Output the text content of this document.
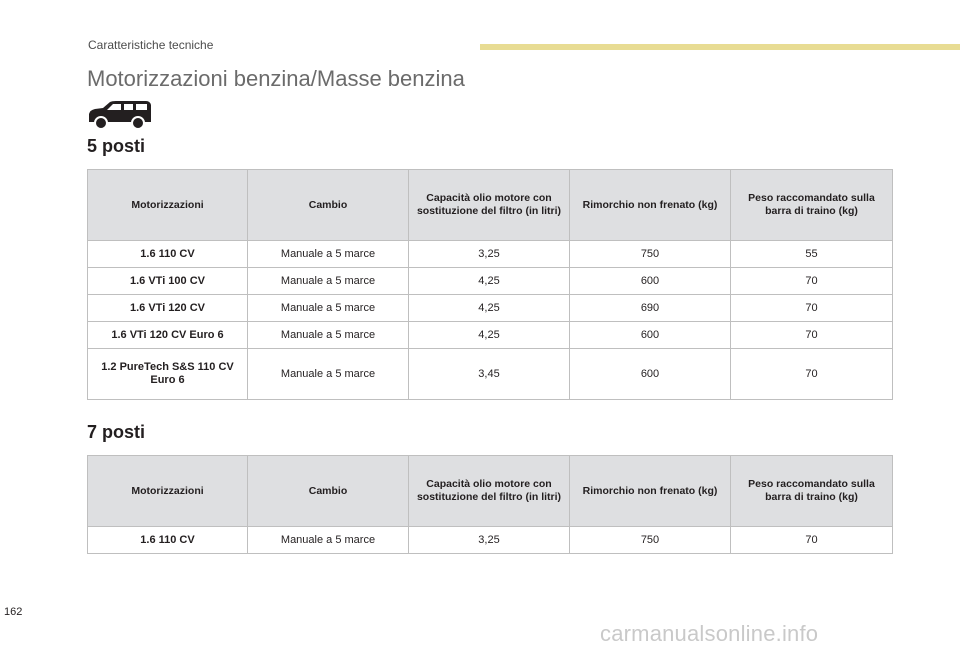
Caratteristiche tecniche
Motorizzazioni benzina/Masse benzina
5 posti
Motorizzazioni	Cambio	Capacità olio motore con sostituzione del filtro (in litri)	Rimorchio non frenato (kg)	Peso raccomandato sulla barra di traino (kg)
1.6 110 CV	Manuale a 5 marce	3,25	750	55
1.6 VTi 100 CV	Manuale a 5 marce	4,25	600	70
1.6 VTi 120 CV	Manuale a 5 marce	4,25	690	70
1.6 VTi 120 CV Euro 6	Manuale a 5 marce	4,25	600	70
1.2 PureTech S&S 110 CV Euro 6	Manuale a 5 marce	3,45	600	70
7 posti
Motorizzazioni	Cambio	Capacità olio motore con sostituzione del filtro (in litri)	Rimorchio non frenato (kg)	Peso raccomandato sulla barra di traino (kg)
1.6 110 CV	Manuale a 5 marce	3,25	750	70
162
carmanualsonline.info
